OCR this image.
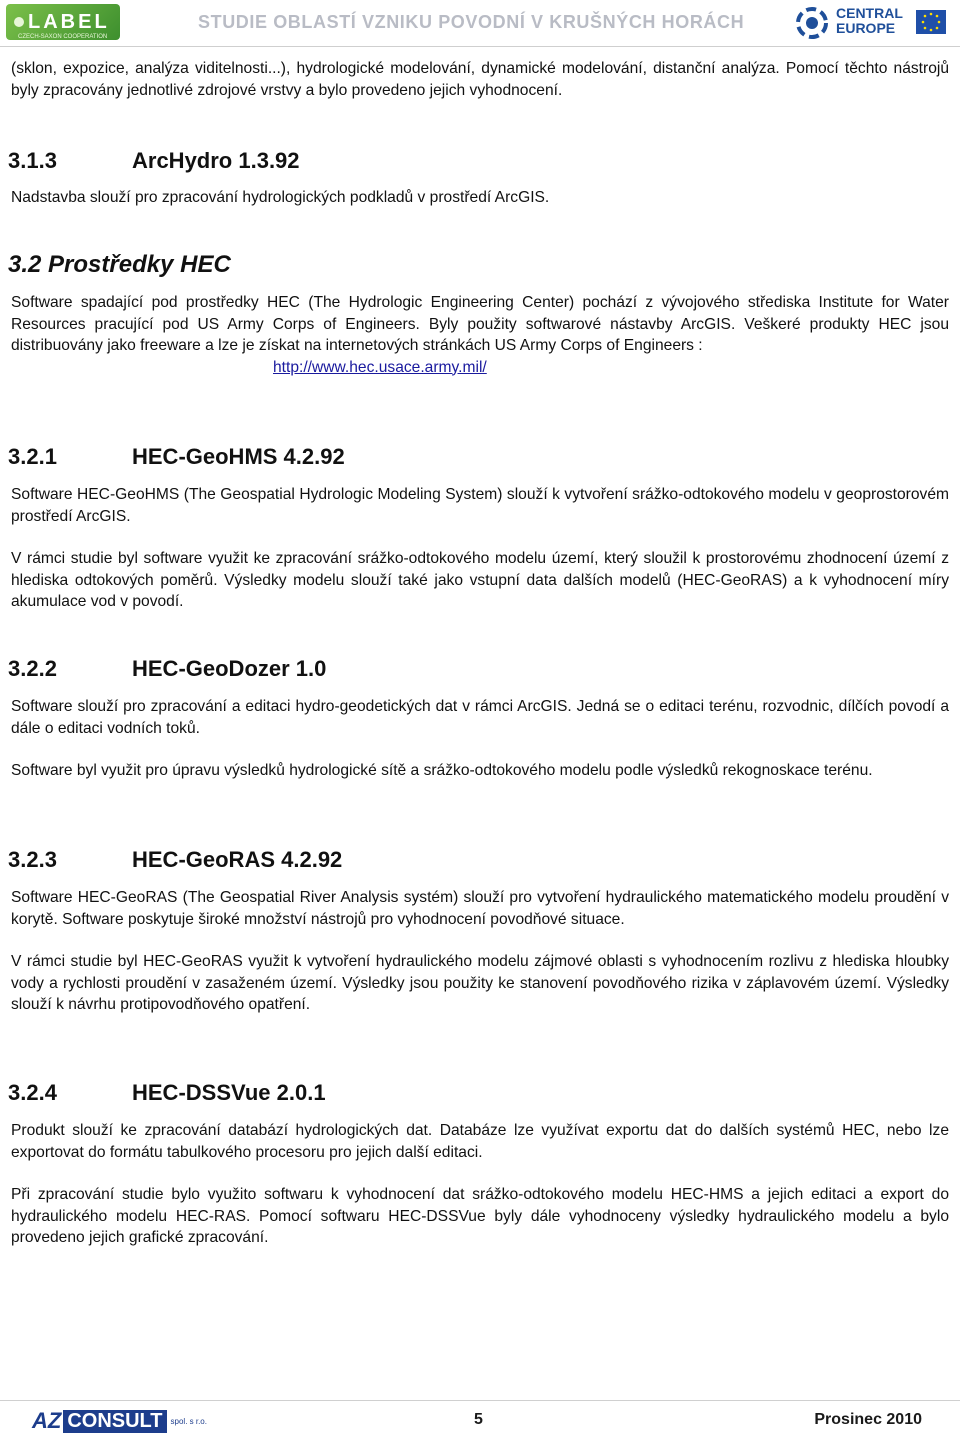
LABEL
CZECH-SAXON COOPERATION
STUDIE OBLASTÍ VZNIKU POVODNÍ V KRUŠNÝCH HORÁCH	CENTRAL
EUROPE

(sklon, expozice, analýza viditelnosti...), hydrologické modelování, dynamické modelování, distanční analýza. Pomocí těchto nástrojů byly zpracovány jednotlivé zdrojové vrstvy a bylo provedeno jejich vyhodnocení.

3.1.3	ArcHydro 1.3.92

Nadstavba slouží pro zpracování hydrologických podkladů v prostředí ArcGIS.

3.2 Prostředky HEC

Software spadající pod prostředky HEC (The Hydrologic Engineering Center) pochází z vývojového střediska Institute for Water Resources pracující pod US Army Corps of Engineers. Byly použity softwarové nástavby ArcGIS. Veškeré produkty HEC jsou distribuovány jako freeware a lze je získat na internetových stránkách US Army Corps of Engineers :

http://www.hec.usace.army.mil/

3.2.1	HEC-GeoHMS 4.2.92

Software HEC-GeoHMS (The Geospatial Hydrologic Modeling System) slouží k vytvoření srážko-odtokového modelu v geoprostorovém prostředí ArcGIS.

V rámci studie byl software využit ke zpracování srážko-odtokového modelu území, který sloužil k prostorovému zhodnocení území z hlediska odtokových poměrů. Výsledky modelu slouží také jako vstupní data dalších modelů (HEC-GeoRAS) a k vyhodnocení míry akumulace vod v povodí.

3.2.2	HEC-GeoDozer 1.0

Software slouží pro zpracování a editaci hydro-geodetických dat v rámci ArcGIS. Jedná se o editaci terénu, rozvodnic, dílčích povodí a dále o editaci vodních toků.

Software byl využit pro úpravu výsledků hydrologické sítě a srážko-odtokového modelu podle výsledků rekognoskace terénu.

3.2.3	HEC-GeoRAS 4.2.92

Software HEC-GeoRAS (The Geospatial River Analysis systém) slouží pro vytvoření hydraulického matematického modelu proudění v korytě. Software poskytuje široké množství nástrojů pro vyhodnocení povodňové situace.

V rámci studie byl HEC-GeoRAS využit k vytvoření hydraulického modelu zájmové oblasti s vyhodnocením rozlivu z hlediska hloubky vody a rychlosti proudění v zasaženém území. Výsledky jsou použity ke stanovení povodňového rizika v záplavovém území. Výsledky slouží k návrhu protipovodňového opatření.

3.2.4	HEC-DSSVue 2.0.1

Produkt slouží ke zpracování databází hydrologických dat. Databáze lze využívat exportu dat do dalších systémů HEC, nebo lze exportovat do formátu tabulkového procesoru pro jejich další editaci.

Při zpracování studie bylo využito softwaru k vyhodnocení dat srážko-odtokového modelu HEC-HMS a jejich editaci a export do hydraulického modelu HEC-RAS. Pomocí softwaru HEC-DSSVue byly dále vyhodnoceny výsledky hydraulického modelu a bylo provedeno jejich grafické zpracování.

AZ CONSULT	spol. s r.o.	5	Prosinec 2010
